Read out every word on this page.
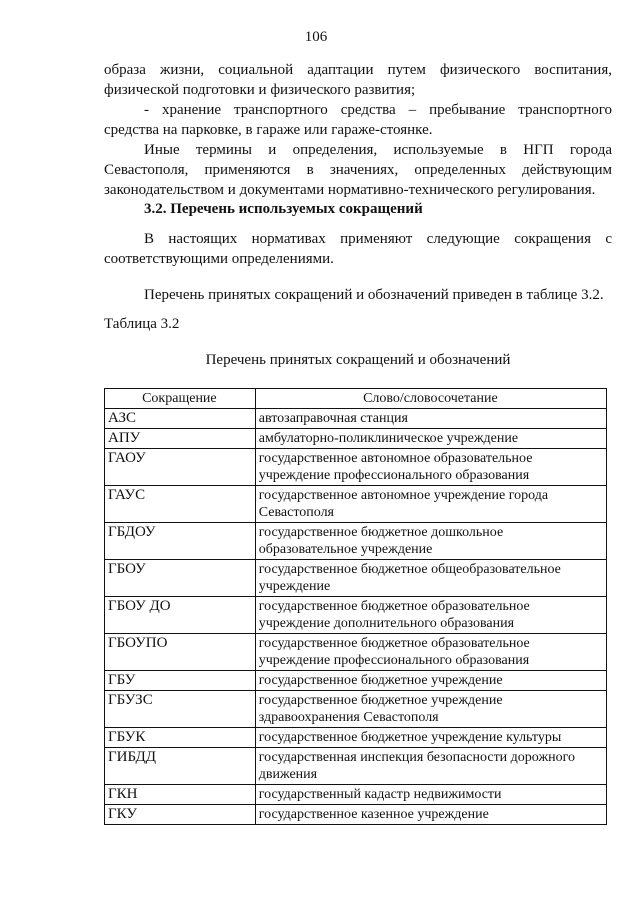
106

образа жизни, социальной адаптации путем физического воспитания, физической подготовки и физического развития;

- хранение транспортного средства – пребывание транспортного средства на парковке, в гараже или гараже-стоянке.

Иные термины и определения, используемые в НГП города Севастополя, применяются в значениях, определенных действующим законодательством и документами нормативно-технического регулирования.

3.2. Перечень используемых сокращений

В настоящих нормативах применяют следующие сокращения с соответствующими определениями.

Перечень принятых сокращений и обозначений приведен в таблице 3.2.

Таблица 3.2
Перечень принятых сокращений и обозначений
Сокращение	Слово/словосочетание
АЗС	автозаправочная станция
АПУ	амбулаторно-поликлиническое учреждение
ГАОУ	государственное автономное образовательное учреждение профессионального образования
ГАУС	государственное автономное учреждение города Севастополя
ГБДОУ	государственное бюджетное дошкольное образовательное учреждение
ГБОУ	государственное бюджетное общеобразовательное учреждение
ГБОУ ДО	государственное бюджетное образовательное учреждение дополнительного образования
ГБОУПО	государственное бюджетное образовательное учреждение профессионального образования
ГБУ	государственное бюджетное учреждение
ГБУЗС	государственное бюджетное учреждение здравоохранения Севастополя
ГБУК	государственное бюджетное учреждение культуры
ГИБДД	государственная инспекция безопасности дорожного движения
ГКН	государственный кадастр недвижимости
ГКУ	государственное казенное учреждение
